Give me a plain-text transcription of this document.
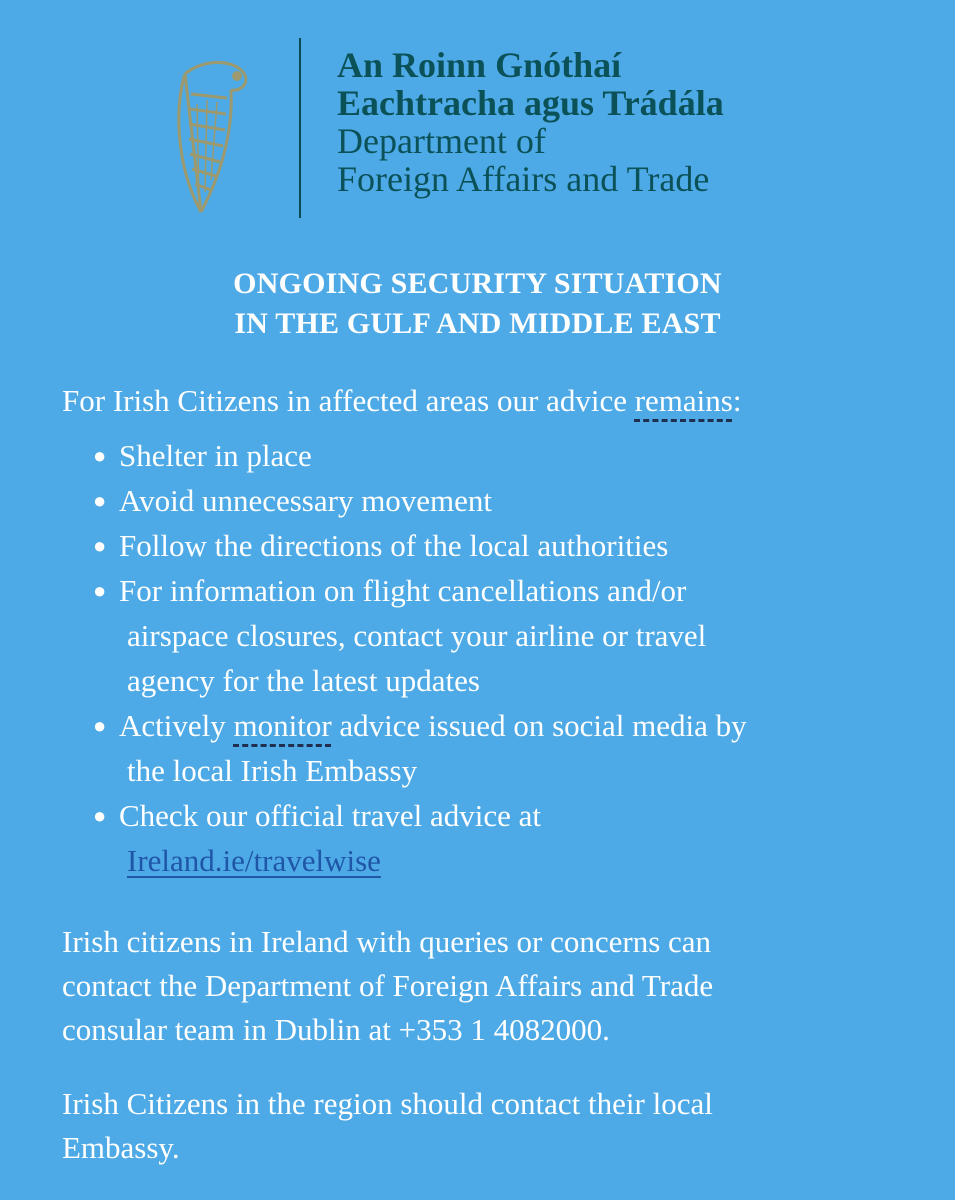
An Roinn Gnóthaí
Eachtracha agus Trádála
Department of
Foreign Affairs and Trade
ONGOING SECURITY SITUATION
IN THE GULF AND MIDDLE EAST

For Irish Citizens in affected areas our advice remains:

● Shelter in place
● Avoid unnecessary movement
● Follow the directions of the local authorities
● For information on flight cancellations and/or
airspace closures, contact your airline or travel
agency for the latest updates
● Actively monitor advice issued on social media by
the local Irish Embassy
● Check our official travel advice at
Ireland.ie/travelwise

Irish citizens in Ireland with queries or concerns can
contact the Department of Foreign Affairs and Trade
consular team in Dublin at +353 1 4082000.

Irish Citizens in the region should contact their local
Embassy.
